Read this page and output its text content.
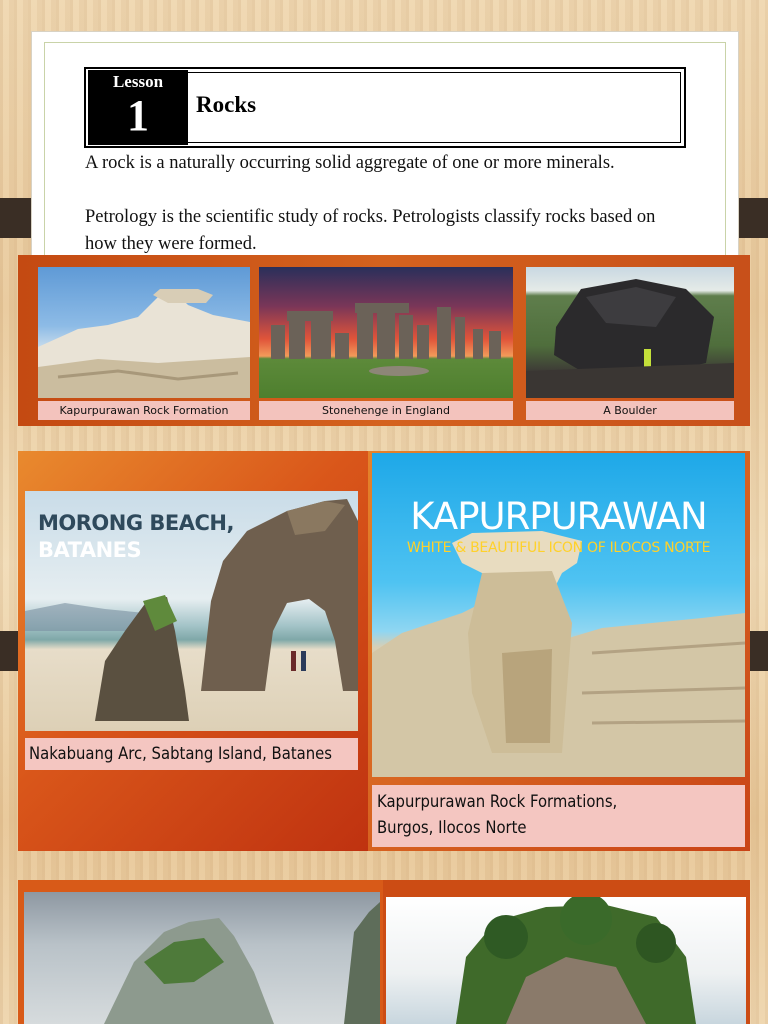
Lesson
1	Rocks
A rock is a naturally occurring solid aggregate of one or more minerals.
Petrology is the scientific study of rocks. Petrologists classify rocks based on how they were formed.
Kapurpurawan Rock Formation	Stonehenge in England	A Boulder
MORONG BEACH,
BATANES
Nakabuang Arc, Sabtang Island, Batanes
KAPURPURAWAN
WHITE & BEAUTIFUL ICON OF ILOCOS NORTE
Kapurpurawan Rock Formations, Burgos, Ilocos Norte
